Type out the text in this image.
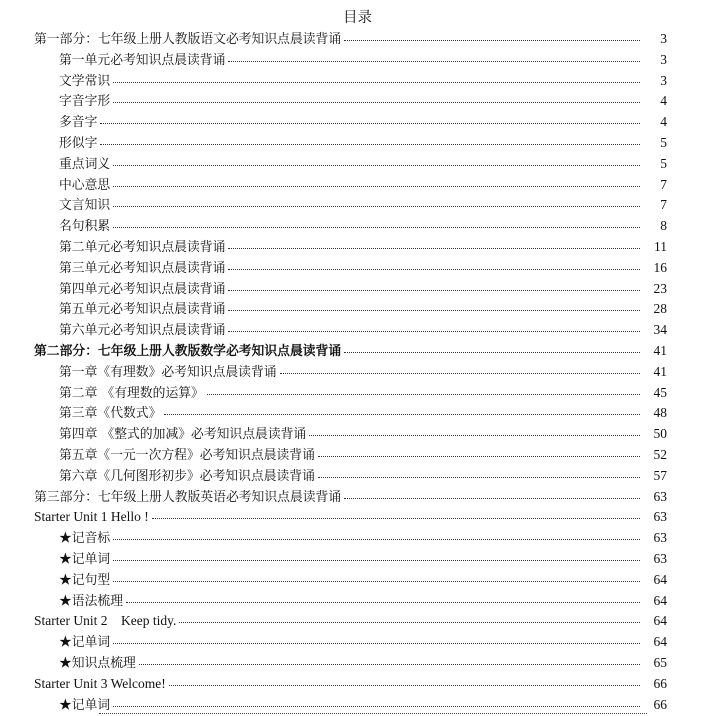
目录
第一部分：七年级上册人教版语文必考知识点晨读背诵	3
第一单元必考知识点晨读背诵	3
文学常识	3
字音字形	4
多音字	4
形似字	5
重点词义	5
中心意思	7
文言知识	7
名句积累	8
第二单元必考知识点晨读背诵	11
第三单元必考知识点晨读背诵	16
第四单元必考知识点晨读背诵	23
第五单元必考知识点晨读背诵	28
第六单元必考知识点晨读背诵	34
第二部分：七年级上册人教版数学必考知识点晨读背诵	41
第一章《有理数》必考知识点晨读背诵	41
第二章 《有理数的运算》	45
第三章《代数式》	48
第四章 《整式的加减》必考知识点晨读背诵	50
第五章《一元一次方程》必考知识点晨读背诵	52
第六章《几何图形初步》必考知识点晨读背诵	57
第三部分：七年级上册人教版英语必考知识点晨读背诵	63
Starter Unit 1 Hello !	63
★记音标	63
★记单词	63
★记句型	64
★语法梳理	64
Starter Unit 2    Keep tidy.	64
★记单词	64
★知识点梳理	65
Starter Unit 3 Welcome!	66
★记单词	66
